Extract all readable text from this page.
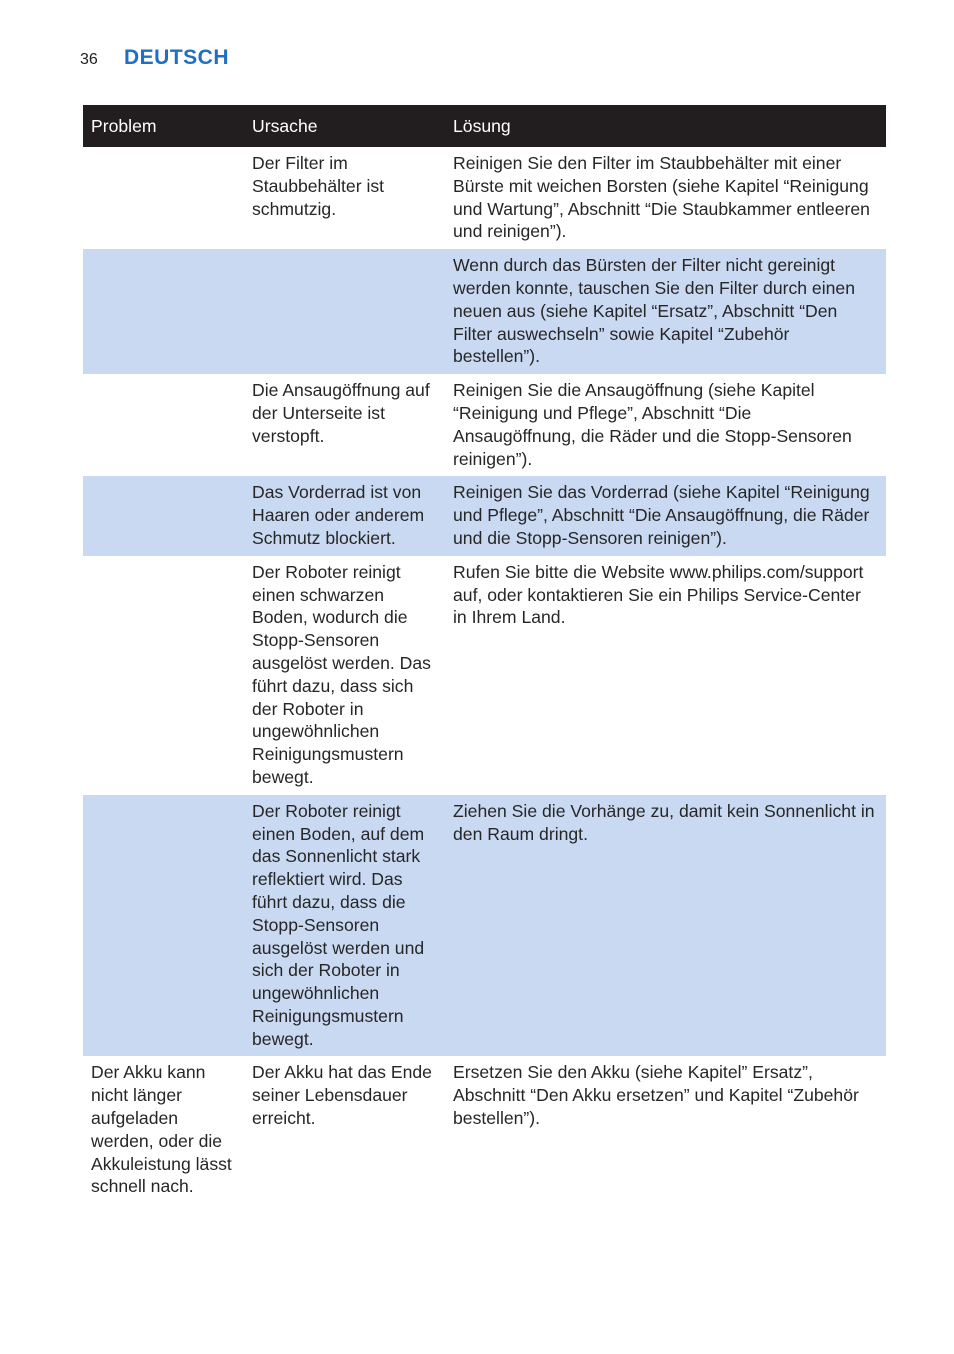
36	DEUTSCH
Problem	Ursache	Lösung
	Der Filter im Staubbehälter ist schmutzig.	Reinigen Sie den Filter im Staubbehälter mit einer Bürste mit weichen Borsten (siehe Kapitel “Reinigung und Wartung”, Abschnitt “Die Staubkammer entleeren und reinigen”).
		Wenn durch das Bürsten der Filter nicht gereinigt werden konnte, tauschen Sie den Filter durch einen neuen aus (siehe Kapitel “Ersatz”, Abschnitt “Den Filter auswechseln” sowie Kapitel “Zubehör bestellen”).
	Die Ansaugöffnung auf der Unterseite ist verstopft.	Reinigen Sie die Ansaugöffnung (siehe Kapitel “Reinigung und Pflege”, Abschnitt “Die Ansaugöffnung, die Räder und die Stopp-Sensoren reinigen”).
	Das Vorderrad ist von Haaren oder anderem Schmutz blockiert.	Reinigen Sie das Vorderrad (siehe Kapitel “Reinigung und Pflege”, Abschnitt “Die Ansaugöffnung, die Räder und die Stopp-Sensoren reinigen”).
	Der Roboter reinigt einen schwarzen Boden, wodurch die Stopp-Sensoren ausgelöst werden. Das führt dazu, dass sich der Roboter in ungewöhnlichen Reinigungsmustern bewegt.	Rufen Sie bitte die Website www.philips.com/support auf, oder kontaktieren Sie ein Philips Service-Center in Ihrem Land.
	Der Roboter reinigt einen Boden, auf dem das Sonnenlicht stark reflektiert wird. Das führt dazu, dass die Stopp-Sensoren ausgelöst werden und sich der Roboter in ungewöhnlichen Reinigungsmustern bewegt.	Ziehen Sie die Vorhänge zu, damit kein Sonnenlicht in den Raum dringt.
Der Akku kann nicht länger aufgeladen werden, oder die Akkuleistung lässt schnell nach.	Der Akku hat das Ende seiner Lebensdauer erreicht.	Ersetzen Sie den Akku (siehe Kapitel” Ersatz”, Abschnitt “Den Akku ersetzen” und Kapitel “Zubehör bestellen”).
